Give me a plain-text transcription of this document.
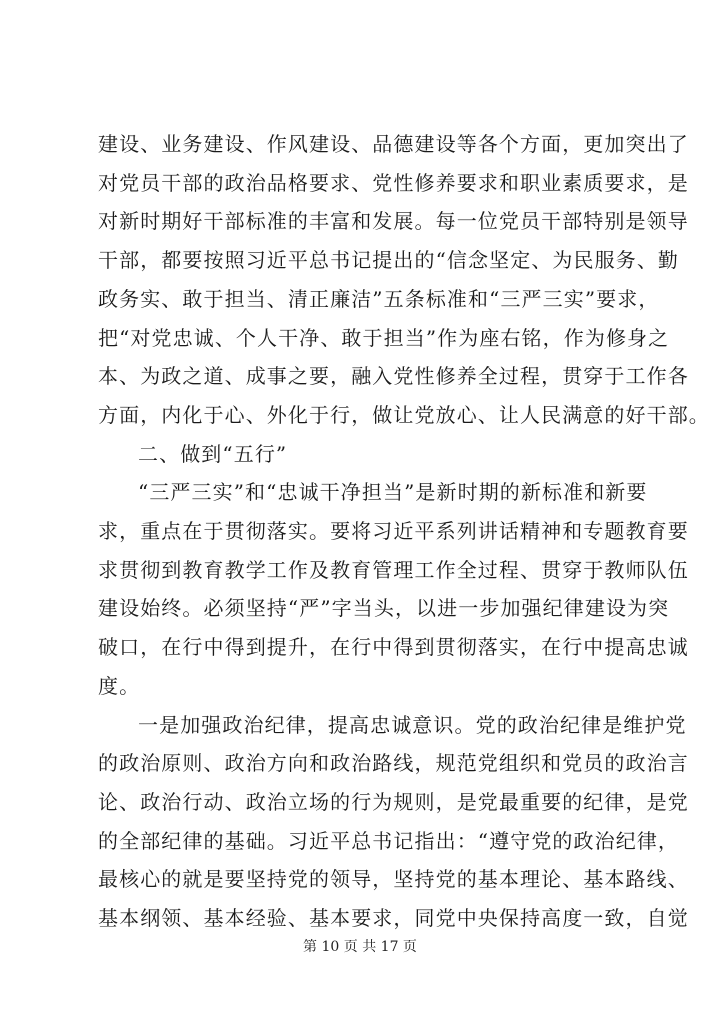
建设、业务建设、作风建设、品德建设等各个方面，更加突出了
对党员干部的政治品格要求、党性修养要求和职业素质要求，是
对新时期好干部标准的丰富和发展。每一位党员干部特别是领导
干部，都要按照习近平总书记提出的“信念坚定、为民服务、勤
政务实、敢于担当、清正廉洁”五条标准和“三严三实”要求，
把“对党忠诚、个人干净、敢于担当”作为座右铭，作为修身之
本、为政之道、成事之要，融入党性修养全过程，贯穿于工作各
方面，内化于心、外化于行，做让党放心、让人民满意的好干部。
二、做到“五行”
“三严三实”和“忠诚干净担当”是新时期的新标准和新要
求，重点在于贯彻落实。要将习近平系列讲话精神和专题教育要
求贯彻到教育教学工作及教育管理工作全过程、贯穿于教师队伍
建设始终。必须坚持“严”字当头，以进一步加强纪律建设为突
破口，在行中得到提升，在行中得到贯彻落实，在行中提高忠诚
度。
一是加强政治纪律，提高忠诚意识。党的政治纪律是维护党
的政治原则、政治方向和政治路线，规范党组织和党员的政治言
论、政治行动、政治立场的行为规则，是党最重要的纪律，是党
的全部纪律的基础。习近平总书记指出：“遵守党的政治纪律，
最核心的就是要坚持党的领导，坚持党的基本理论、基本路线、
基本纲领、基本经验、基本要求，同党中央保持高度一致，自觉
第 10 页 共 17 页
